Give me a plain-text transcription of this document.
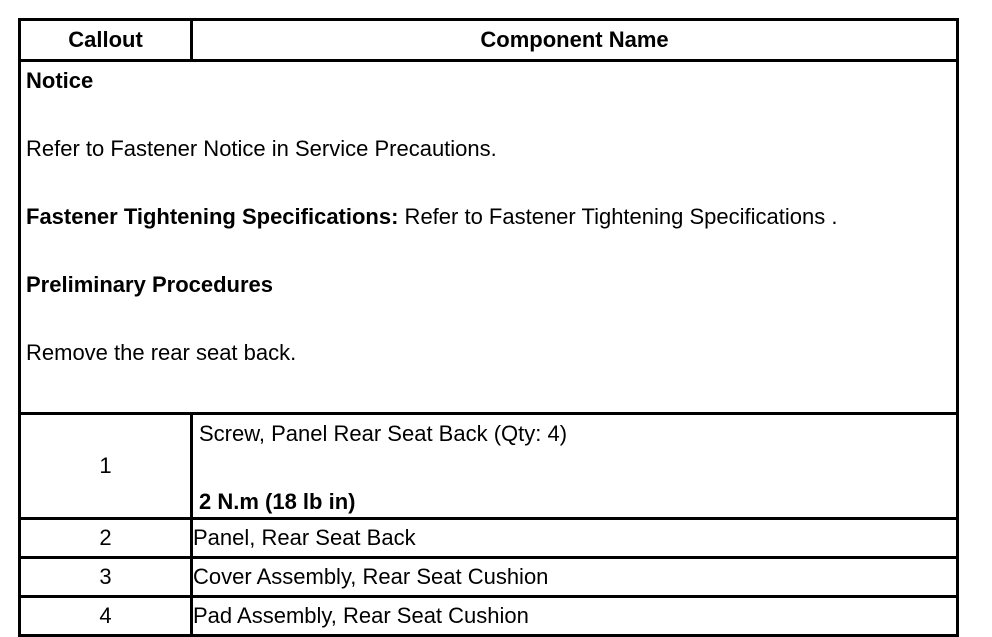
Callout	Component Name

Notice
Refer to Fastener Notice in Service Precautions.
Fastener Tightening Specifications: Refer to Fastener Tightening Specifications .
Preliminary Procedures
Remove the rear seat back.	

1	Screw, Panel Rear Seat Back (Qty: 4)
2 N.m (18 lb in)

2	Panel, Rear Seat Back
3	Cover Assembly, Rear Seat Cushion
4	Pad Assembly, Rear Seat Cushion
